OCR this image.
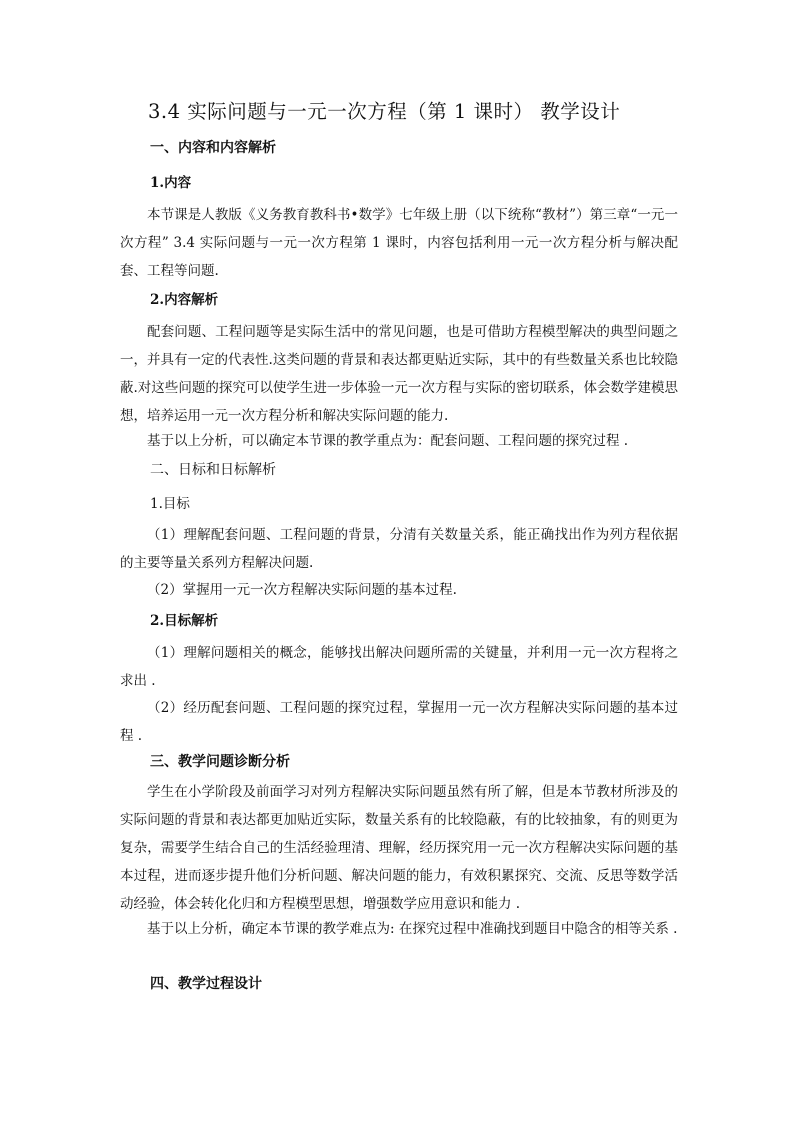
3.4 实际问题与一元一次方程（第 1 课时） 教学设计
一、内容和内容解析
1.内容
本节课是人教版《义务教育教科书•数学》七年级上册（以下统称“教材”）第三章“一元一次方程” 3.4 实际问题与一元一次方程第 1 课时，内容包括利用一元一次方程分析与解决配套、工程等问题.
2.内容解析
配套问题、工程问题等是实际生活中的常见问题，也是可借助方程模型解决的典型问题之一，并具有一定的代表性.这类问题的背景和表达都更贴近实际，其中的有些数量关系也比较隐蔽.对这些问题的探究可以使学生进一步体验一元一次方程与实际的密切联系，体会数学建模思想，培养运用一元一次方程分析和解决实际问题的能力.
基于以上分析，可以确定本节课的教学重点为：配套问题、工程问题的探究过程 .
二、日标和日标解析
1.目标
（1）理解配套问题、工程问题的背景，分清有关数量关系，能正确找出作为列方程依据的主要等量关系列方程解决问题.
（2）掌握用一元一次方程解决实际问题的基本过程.
2.目标解析
（1）理解问题相关的概念，能够找出解决问题所需的关键量，并利用一元一次方程将之求出 .
（2）经历配套问题、工程问题的探究过程，掌握用一元一次方程解决实际问题的基本过程 .
三、教学问题诊断分析
学生在小学阶段及前面学习对列方程解决实际问题虽然有所了解，但是本节教材所涉及的实际问题的背景和表达都更加贴近实际，数量关系有的比较隐蔽，有的比较抽象，有的则更为复杂，需要学生结合自己的生活经验理清、理解，经历探究用一元一次方程解决实际问题的基本过程，进而逐步提升他们分析问题、解决问题的能力，有效积累探究、交流、反思等数学活动经验，体会转化化归和方程模型思想，增强数学应用意识和能力 .
基于以上分析，确定本节课的教学难点为: 在探究过程中准确找到题目中隐含的相等关系 .
四、教学过程设计
